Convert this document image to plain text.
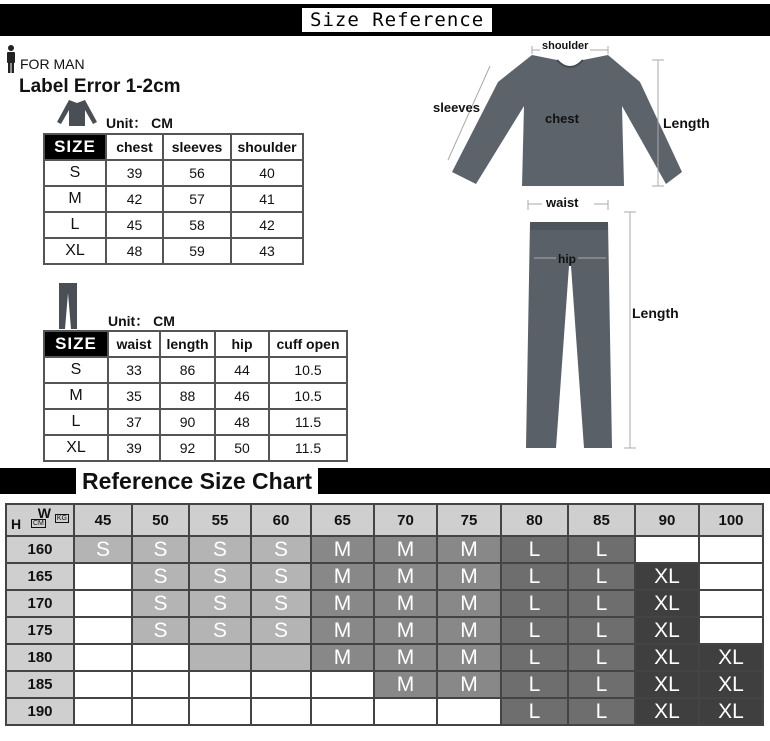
Size Reference
FOR MAN
Label Error 1-2cm
Unit： CM
SIZE	chest	sleeves	shoulder
S	39	56	40
M	42	57	41
L	45	58	42
XL	48	59	43
Unit： CM
SIZE	waist	length	hip	cuff open
S	33	86	44	10.5
M	35	88	46	10.5
L	37	90	48	11.5
XL	39	92	50	11.5
shoulder
sleeves
chest	Length
waist
hip
Length
Reference Size Chart
W KG
H CM	45	50	55	60	65	70	75	80	85	90	100
160	S	S	S	S	M	M	M	L	L		
165		S	S	S	M	M	M	L	L	XL	
170		S	S	S	M	M	M	L	L	XL	
175		S	S	S	M	M	M	L	L	XL	
180					M	M	M	L	L	XL	XL
185						M	M	L	L	XL	XL
190								L	L	XL	XL
